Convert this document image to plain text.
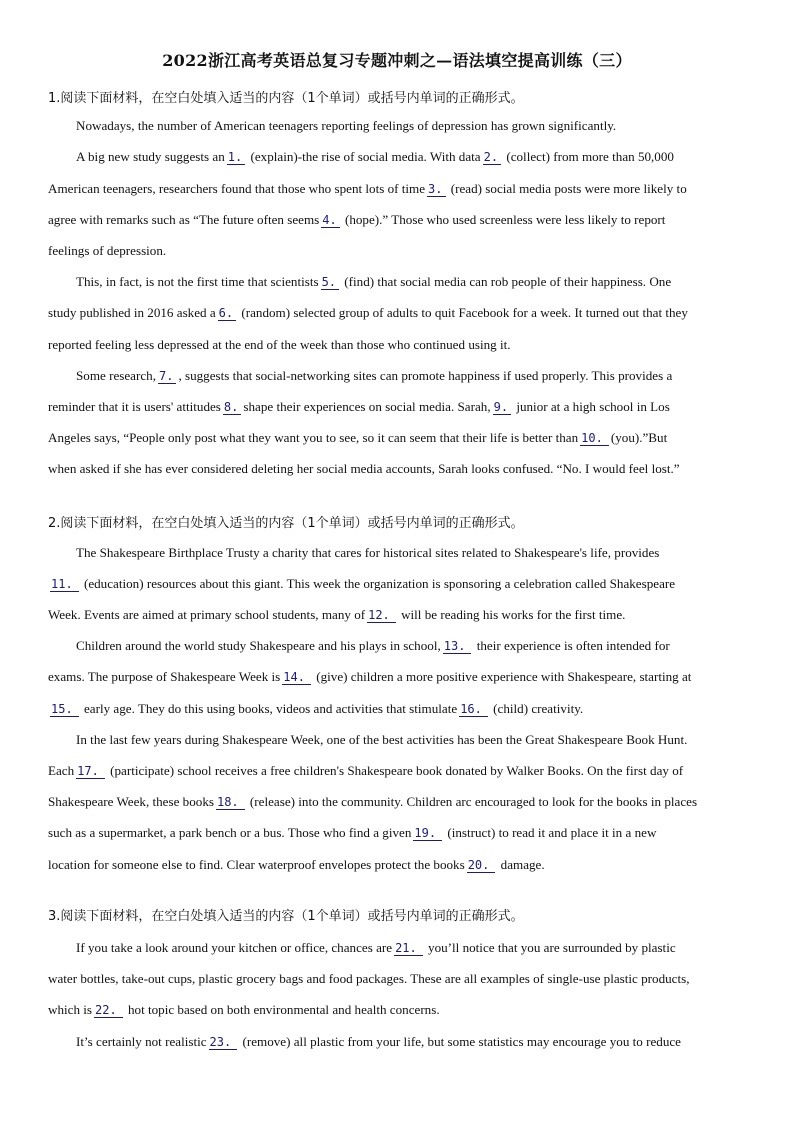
2022浙江高考英语总复习专题冲刺之—语法填空提高训练（三）
1.阅读下面材料，在空白处填入适当的内容（1个单词）或括号内单词的正确形式。
Nowadays, the number of American teenagers reporting feelings of depression has grown significantly.
A big new study suggests an 1. (explain)-the rise of social media. With data 2. (collect) from more than 50,000
American teenagers, researchers found that those who spent lots of time 3. (read) social media posts were more likely to
agree with remarks such as “The future often seems 4. (hope).” Those who used screenless were less likely to report
feelings of depression.
This, in fact, is not the first time that scientists 5. (find) that social media can rob people of their happiness. One
study published in 2016 asked a 6. (random) selected group of adults to quit Facebook for a week. It turned out that they
reported feeling less depressed at the end of the week than those who continued using it.
Some research, 7. , suggests that social-networking sites can promote happiness if used properly. This provides a
reminder that it is users' attitudes 8. shape their experiences on social media. Sarah, 9. junior at a high school in Los
Angeles says, “People only post what they want you to see, so it can seem that their life is better than 10. (you).”But
when asked if she has ever considered deleting her social media accounts, Sarah looks confused. “No. I would feel lost.”
2.阅读下面材料，在空白处填入适当的内容（1个单词）或括号内单词的正确形式。
The Shakespeare Birthplace Trusty a charity that cares for historical sites related to Shakespeare's life, provides
11. (education) resources about this giant. This week the organization is sponsoring a celebration called Shakespeare
Week. Events are aimed at primary school students, many of 12. will be reading his works for the first time.
Children around the world study Shakespeare and his plays in school, 13. their experience is often intended for
exams. The purpose of Shakespeare Week is 14. (give) children a more positive experience with Shakespeare, starting at
15. early age. They do this using books, videos and activities that stimulate 16. (child) creativity.
In the last few years during Shakespeare Week, one of the best activities has been the Great Shakespeare Book Hunt.
Each 17. (participate) school receives a free children's Shakespeare book donated by Walker Books. On the first day of
Shakespeare Week, these books 18. (release) into the community. Children arc encouraged to look for the books in places
such as a supermarket, a park bench or a bus. Those who find a given 19. (instruct) to read it and place it in a new
location for someone else to find. Clear waterproof envelopes protect the books 20. damage.
3.阅读下面材料，在空白处填入适当的内容（1个单词）或括号内单词的正确形式。
If you take a look around your kitchen or office, chances are 21. you’ll notice that you are surrounded by plastic
water bottles, take-out cups, plastic grocery bags and food packages. These are all examples of single-use plastic products,
which is 22. hot topic based on both environmental and health concerns.
It’s certainly not realistic 23. (remove) all plastic from your life, but some statistics may encourage you to reduce
